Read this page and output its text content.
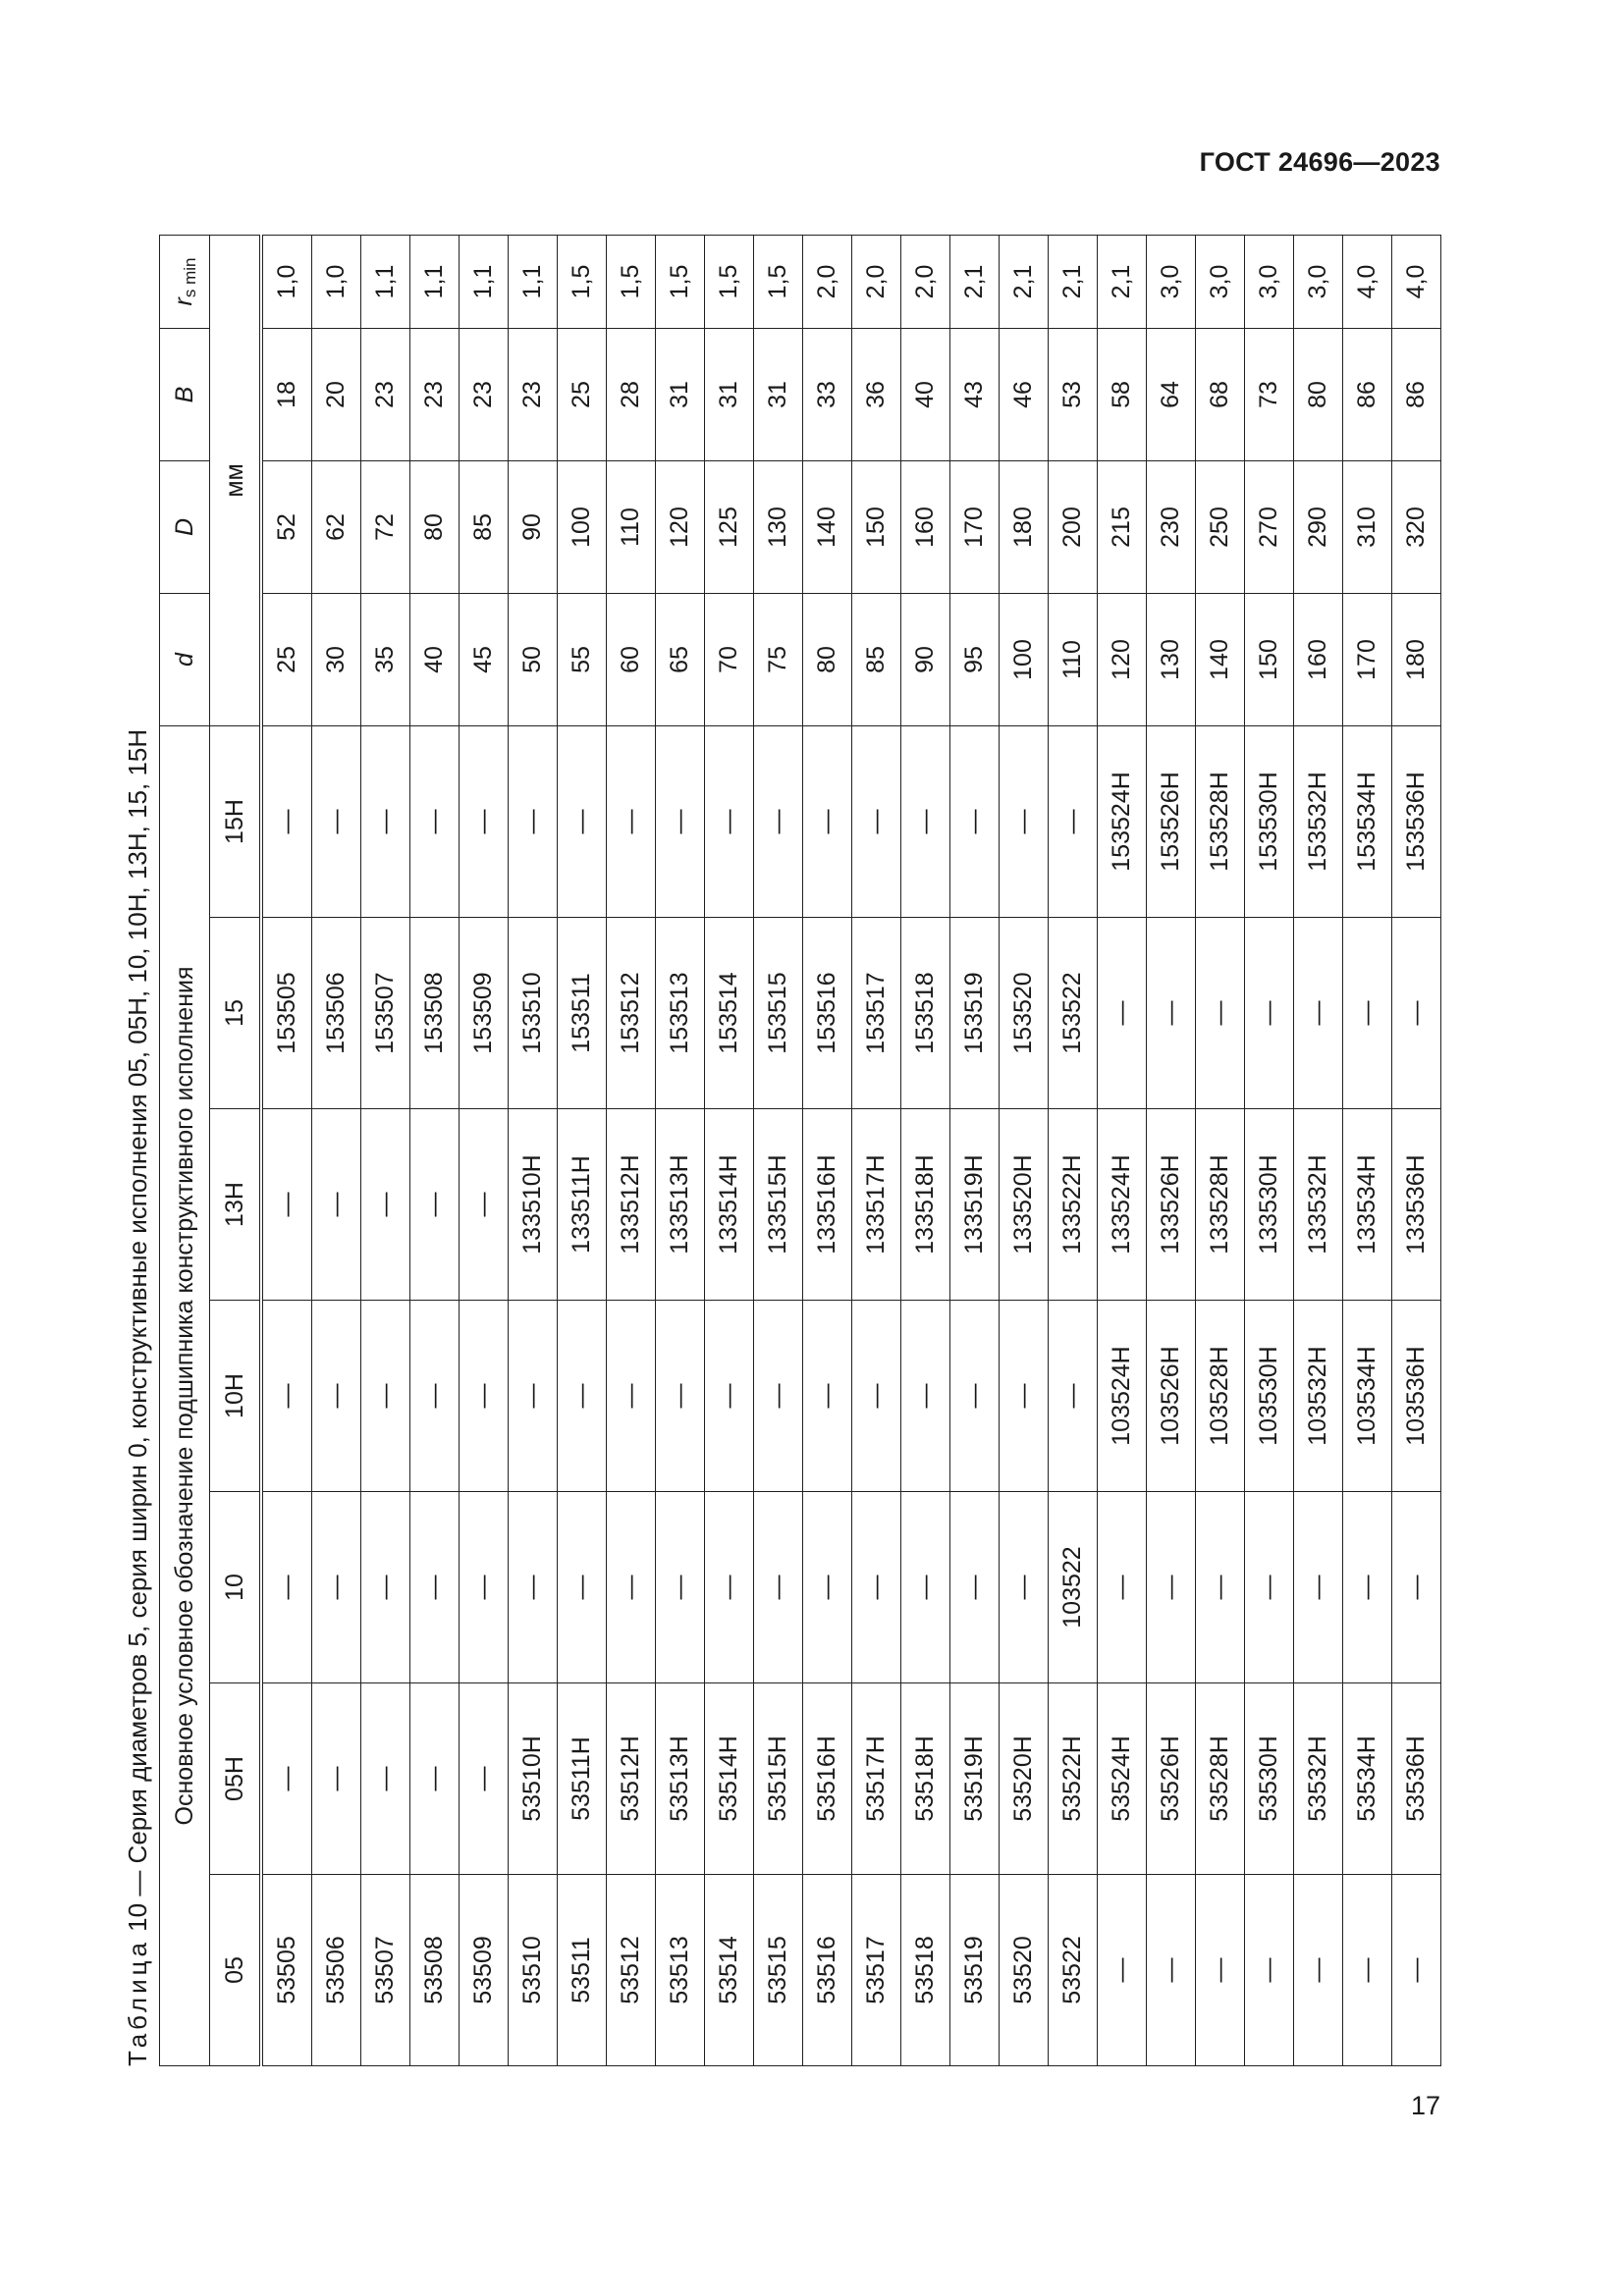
ГОСТ 24696—2023
Таблица 10 — Серия диаметров 5, серия ширин 0, конструктивные исполнения 05, 05Н, 10, 10Н, 13Н, 15, 15Н Основное условное обозначение подшипника конструктивного исполнения							d	D	B	$r_{s min}$
05	05Н	10	10Н	13Н	15	15Н	мм			
53505	—	—	—	—	153505	—	25	52	18	1,0
53506	—	—	—	—	153506	—	30	62	20	1,0
53507	—	—	—	—	153507	—	35	72	23	1,1
53508	—	—	—	—	153508	—	40	80	23	1,1
53509	—	—	—	—	153509	—	45	85	23	1,1
53510	53510Н	—	—	133510Н	153510	—	50	90	23	1,1
53511	53511Н	—	—	133511Н	153511	—	55	100	25	1,5
53512	53512Н	—	—	133512Н	153512	—	60	110	28	1,5
53513	53513Н	—	—	133513Н	153513	—	65	120	31	1,5
53514	53514Н	—	—	133514Н	153514	—	70	125	31	1,5
53515	53515Н	—	—	133515Н	153515	—	75	130	31	1,5
53516	53516Н	—	—	133516Н	153516	—	80	140	33	2,0
53517	53517Н	—	—	133517Н	153517	—	85	150	36	2,0
53518	53518Н	—	—	133518Н	153518	—	90	160	40	2,0
53519	53519Н	—	—	133519Н	153519	—	95	170	43	2,1
53520	53520Н	—	—	133520Н	153520	—	100	180	46	2,1
53522	53522Н	103522	—	133522Н	153522	—	110	200	53	2,1
—	53524Н	—	103524Н	133524Н	—	153524Н	120	215	58	2,1
—	53526Н	—	103526Н	133526Н	—	153526Н	130	230	64	3,0
—	53528Н	—	103528Н	133528Н	—	153528Н	140	250	68	3,0
—	53530Н	—	103530Н	133530Н	—	153530Н	150	270	73	3,0
—	53532Н	—	103532Н	133532Н	—	153532Н	160	290	80	3,0
—	53534Н	—	103534Н	133534Н	—	153534Н	170	310	86	4,0
—	53536Н	—	103536Н	133536Н	—	153536Н	180	320	86	4,0
17
